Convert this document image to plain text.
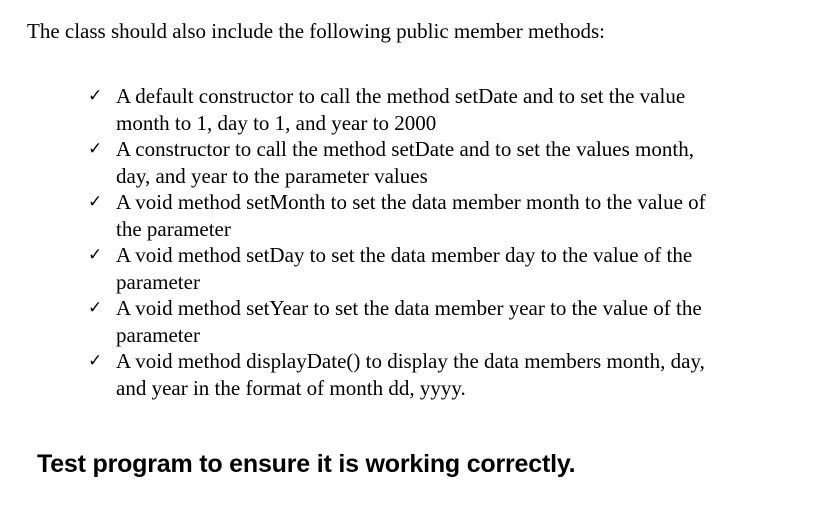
The class should also include the following public member methods:
✓ A default constructor to call the method setDate and to set the value
month to 1, day to 1, and year to 2000
✓ A constructor to call the method setDate and to set the values month,
day, and year to the parameter values
✓ A void method setMonth to set the data member month to the value of
the parameter
✓ A void method setDay to set the data member day to the value of the
parameter
✓ A void method setYear to set the data member year to the value of the
parameter
✓ A void method displayDate() to display the data members month, day,
and year in the format of month dd, yyyy.
Test program to ensure it is working correctly.
